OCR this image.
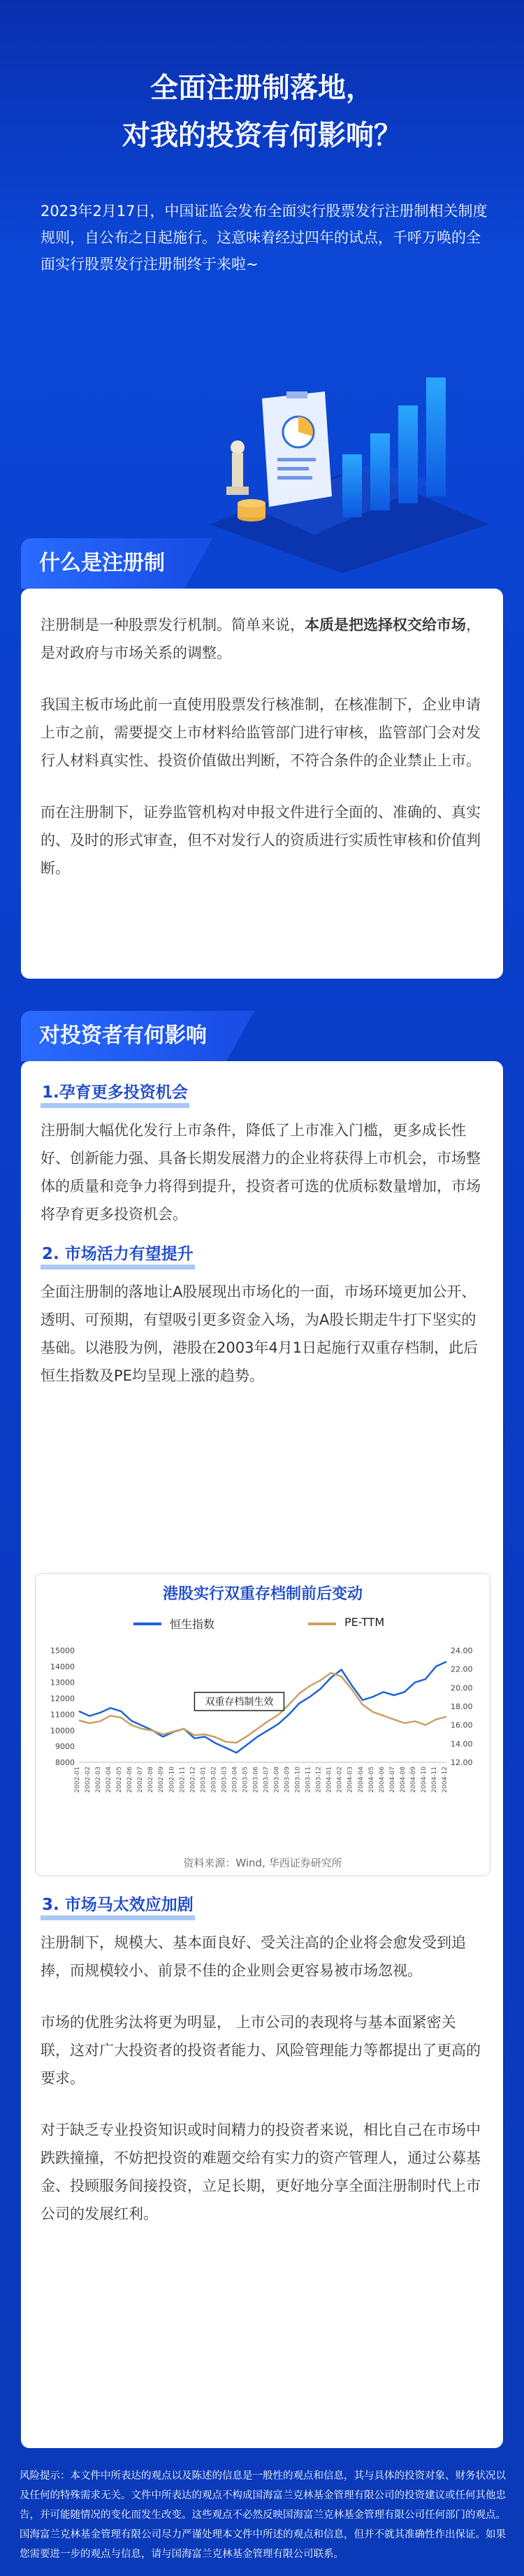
全面注册制落地，
对我的投资有何影响？
2023年2月17日，中国证监会发布全面实行股票发行注册制相关制度规则，自公布之日起施行。这意味着经过四年的试点，千呼万唤的全面实行股票发行注册制终于来啦~
什么是注册制

注册制是一种股票发行机制。简单来说，本质是把选择权交给市场，是对政府与市场关系的调整。

我国主板市场此前一直使用股票发行核准制，在核准制下，企业申请上市之前，需要提交上市材料给监管部门进行审核，监管部门会对发行人材料真实性、投资价值做出判断，不符合条件的企业禁止上市。

而在注册制下，证券监管机构对申报文件进行全面的、准确的、真实的、及时的形式审查，但不对发行人的资质进行实质性审核和价值判断。

对投资者有何影响
1.孕育更多投资机会

注册制大幅优化发行上市条件，降低了上市准入门槛，更多成长性好、创新能力强、具备长期发展潜力的企业将获得上市机会，市场整体的质量和竞争力将得到提升，投资者可选的优质标数量增加，市场将孕育更多投资机会。

2. 市场活力有望提升

全面注册制的落地让A股展现出市场化的一面，市场环境更加公开、透明、可预期，有望吸引更多资金入场，为A股长期走牛打下坚实的基础。以港股为例，港股在2003年4月1日起施行双重存档制，此后恒生指数及PE均呈现上涨的趋势。

港股实行双重存档制前后变动
恒生指数	PE-TTM
8000
9000
10000
11000
12000
13000
14000
15000
12.00
14.00
16.00
18.00
20.00
22.00
24.00
2002-01 2002-02 2002-03 2002-04 2002-05 2002-06 2002-07 2002-08 2002-09 2002-10 2002-11 2002-12 2003-01 2003-02 2003-03 2003-04 2003-05 2003-06 2003-07 2003-08 2003-09 2003-10 2003-11 2003-12 2004-01 2004-02 2004-03 2004-04 2004-05 2004-06 2004-07 2004-08 2004-09 2004-10 2004-11 2004-12
双重存档制生效
资料来源：Wind, 华西证券研究所
3. 市场马太效应加剧

注册制下，规模大、基本面良好、受关注高的企业将会愈发受到追捧，而规模较小、前景不佳的企业则会更容易被市场忽视。

市场的优胜劣汰将更为明显， 上市公司的表现将与基本面紧密关联，这对广大投资者的投资者能力、风险管理能力等都提出了更高的要求。

对于缺乏专业投资知识或时间精力的投资者来说，相比自己在市场中跌跌撞撞，不妨把投资的难题交给有实力的资产管理人，通过公募基金、投顾服务间接投资，立足长期，更好地分享全面注册制时代上市公司的发展红利。

风险提示：本文件中所表达的观点以及陈述的信息是一般性的观点和信息，其与具体的投资对象、财务状况以及任何的特殊需求无关。文件中所表达的观点不构成国海富兰克林基金管理有限公司的投资建议或任何其他忠告，并可能随情况的变化而发生改变。这些观点不必然反映国海富兰克林基金管理有限公司任何部门的观点。国海富兰克林基金管理有限公司尽力严谨处理本文件中所述的观点和信息，但并不就其准确性作出保证。如果您需要进一步的观点与信息，请与国海富兰克林基金管理有限公司联系。
